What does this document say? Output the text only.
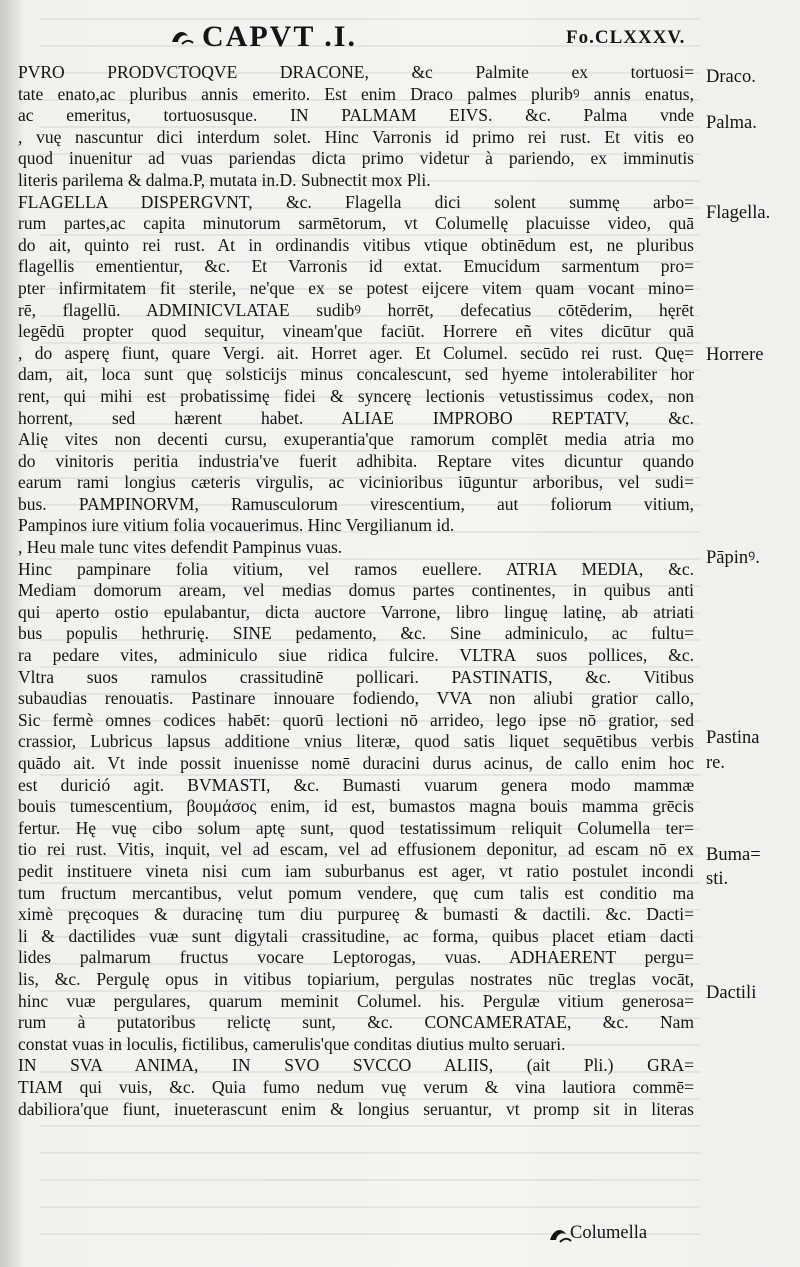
CAPVT .I.	Fo.CLXXXV.
PVRO PRODVCTOQVE DRACONE, &c Palmite ex tortuosi=
tate enato,ac pluribus annis emerito. Est enim Draco palmes pluribꝰ annis enatus,
ac emeritus, tortuosusque. IN PALMAM EIVS. &c. Palma vnde
, vuę nascuntur dici interdum solet. Hinc Varronis id primo rei rust. Et vitis eo
quod inuenitur ad vuas pariendas dicta primo videtur à pariendo, ex imminutis
literis parilema & dalma.P, mutata in.D. Subnectit mox Pli.
FLAGELLA DISPERGVNT, &c. Flagella dici solent summę arbo=
rum partes,ac capita minutorum sarmētorum, vt Columellę placuisse video, quā
do ait, quinto rei rust. At in ordinandis vitibus vtique obtinēdum est, ne pluribus
flagellis ementientur, &c. Et Varronis id extat. Emucidum sarmentum pro=
pter infirmitatem fit sterile, ne'que ex se potest eijcere vitem quam vocant mino=
rē, flagellū. ADMINICVLATAE sudibꝰ horrēt, defecatius cōtēderim, hęrēt
legēdū propter quod sequitur, vineam'que faciūt. Horrere eñ vites dicūtur quā
, do asperę fiunt, quare Vergi. ait. Horret ager. Et Columel. secūdo rei rust. Quę=
dam, ait, loca sunt quę solsticijs minus concalescunt, sed hyeme intolerabiliter hor
rent, qui mihi est probatissimę fidei & syncerę lectionis vetustissimus codex, non
horrent, sed hærent habet. ALIAE IMPROBO REPTATV, &c.
Alię vites non decenti cursu, exuperantia'que ramorum complēt media atria mo
do vinitoris peritia industria've fuerit adhibita. Reptare vites dicuntur quando
earum rami longius cæteris virgulis, ac vicinioribus iūguntur arboribus, vel sudi=
bus. PAMPINORVM, Ramusculorum virescentium, aut foliorum vitium,
Pampinos iure vitium folia vocauerimus. Hinc Vergilianum id.
, Heu male tunc vites defendit Pampinus vuas.
Hinc pampinare folia vitium, vel ramos euellere. ATRIA MEDIA, &c.
Mediam domorum aream, vel medias domus partes continentes, in quibus anti
qui aperto ostio epulabantur, dicta auctore Varrone, libro linguę latinę, ab atriati
bus populis hethrurię. SINE pedamento, &c. Sine adminiculo, ac fultu=
ra pedare vites, adminiculo siue ridica fulcire. VLTRA suos pollices, &c.
Vltra suos ramulos crassitudinē pollicari. PASTINATIS, &c. Vitibus
subaudias renouatis. Pastinare innouare fodiendo, VVA non aliubi gratior callo,
Sic fermè omnes codices habēt: quorū lectioni nō arrideo, lego ipse nō gratior, sed
crassior, Lubricus lapsus additione vnius literæ, quod satis liquet sequētibus verbis
quādo ait. Vt inde possit inuenisse nomē duracini durus acinus, de callo enim hoc
est durició agit. BVMASTI, &c. Bumasti vuarum genera modo mammæ
bouis tumescentium, βουμάσος enim, id est, bumastos magna bouis mamma grēcis
fertur. Hę vuę cibo solum aptę sunt, quod testatissimum reliquit Columella ter=
tio rei rust. Vitis, inquit, vel ad escam, vel ad effusionem deponitur, ad escam nō ex
pedit instituere vineta nisi cum iam suburbanus est ager, vt ratio postulet incondi
tum fructum mercantibus, velut pomum vendere, quę cum talis est conditio ma
ximè pręcoques & duracinę tum diu purpureę & bumasti & dactili. &c. Dacti=
li & dactilides vuæ sunt digytali crassitudine, ac forma, quibus placet etiam dacti
lides palmarum fructus vocare Leptorogas, vuas. ADHAERENT pergu=
lis, &c. Pergulę opus in vitibus topiarium, pergulas nostrates nūc treglas vocāt,
hinc vuæ pergulares, quarum meminit Columel. his. Pergulæ vitium generosa=
rum à putatoribus relictę sunt, &c. CONCAMERATAE, &c. Nam
constat vuas in loculis, fictilibus, camerulis'que conditas diutius multo seruari.
IN SVA ANIMA, IN SVO SVCCO ALIIS, (ait Pli.) GRA=
TIAM qui vuis, &c. Quia fumo nedum vuę verum & vina lautiora commē=
dabiliora'que fiunt, inueterascunt enim & longius seruantur, vt promp sit in literas
Draco.
Palma.
Flagella.
Horrere
Pāpinꝰ.
Pastina
re.
Buma=
sti.
Dactili
Columella
